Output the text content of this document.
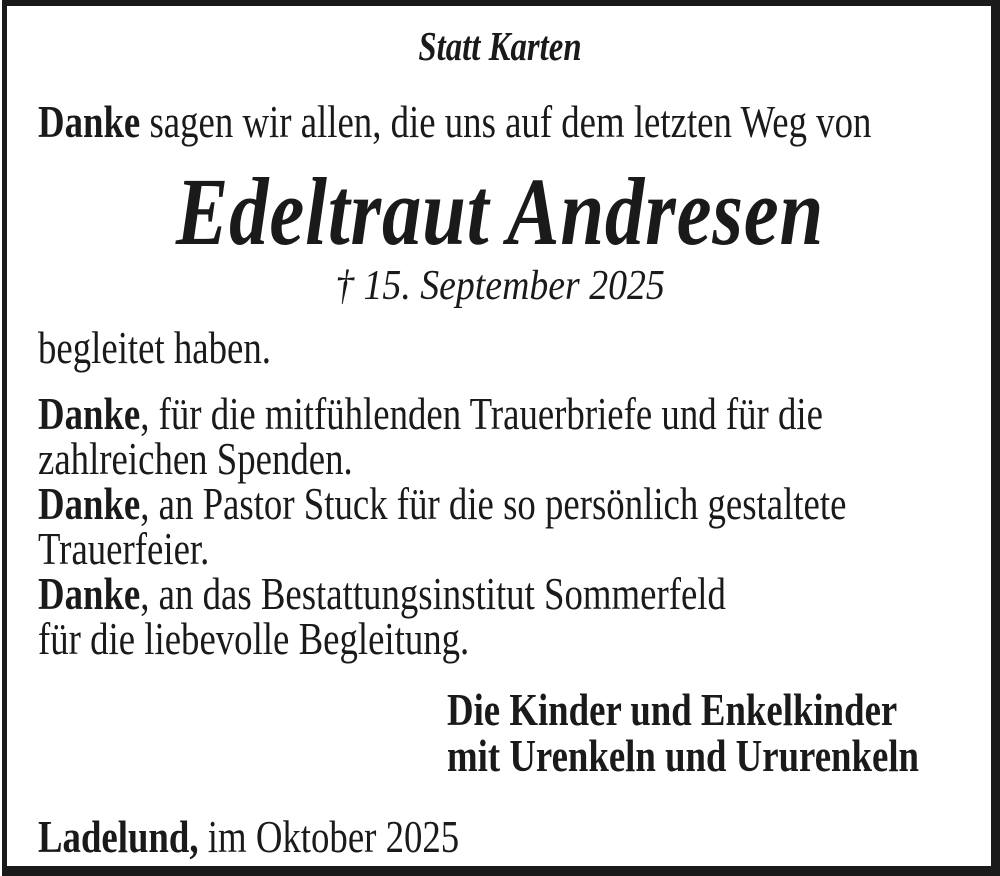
Statt Karten
Danke sagen wir allen, die uns auf dem letzten Weg von
Edeltraut Andresen
† 15. September 2025
begleitet haben.
Danke, für die mitfühlenden Trauerbriefe und für die
zahlreichen Spenden.
Danke, an Pastor Stuck für die so persönlich gestaltete
Trauerfeier.
Danke, an das Bestattungsinstitut Sommerfeld
für die liebevolle Begleitung.
Die Kinder und Enkelkinder
mit Urenkeln und Ururenkeln
Ladelund, im Oktober 2025
